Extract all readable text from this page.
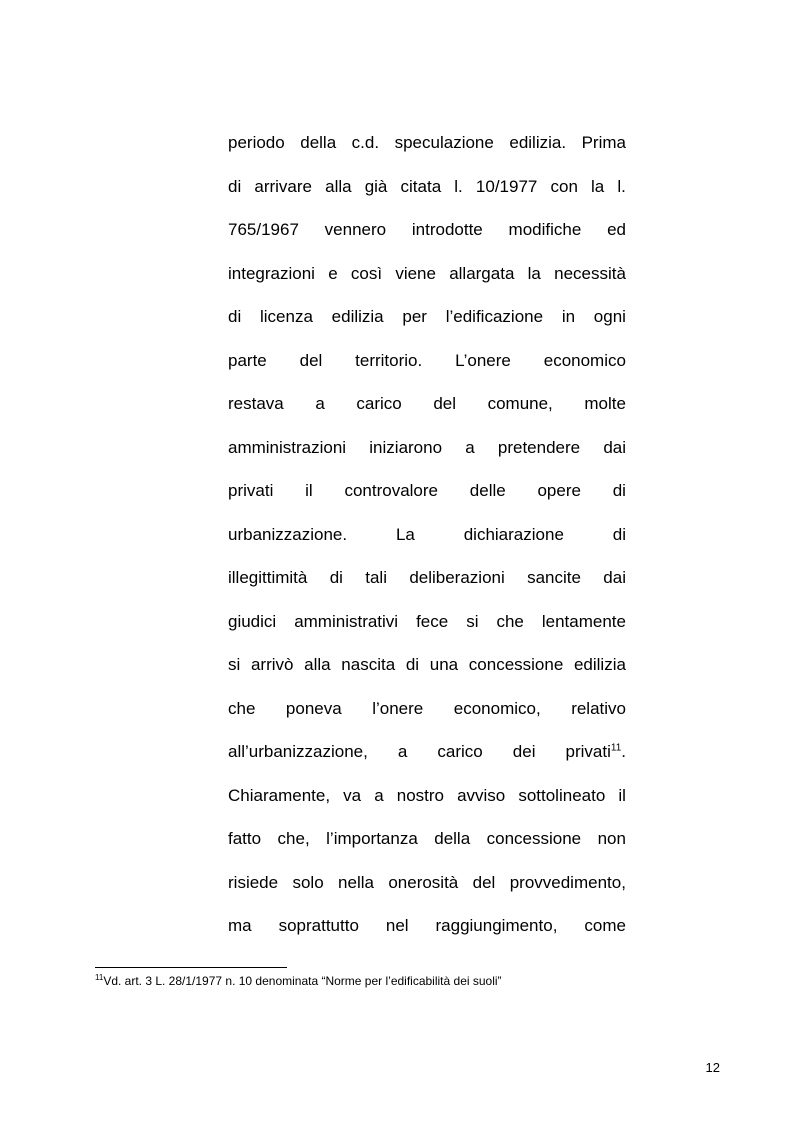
periodo della c.d. speculazione edilizia. Prima
di arrivare alla già citata l. 10/1977 con la l.
765/1967 vennero introdotte modifiche ed
integrazioni e così viene allargata la necessità
di licenza edilizia per l’edificazione in ogni
parte del territorio. L’onere economico
restava a carico del comune, molte
amministrazioni iniziarono a pretendere dai
privati il controvalore delle opere di
urbanizzazione.	La	dichiarazione	di
illegittimità di tali deliberazioni sancite dai
giudici amministrativi fece si che lentamente
si arrivò alla nascita di una concessione edilizia
che poneva l’onere economico, relativo
all’urbanizzazione, a carico dei privati$^{11}$.
Chiaramente, va a nostro avviso sottolineato il
fatto che, l’importanza della concessione non
risiede solo nella onerosità del provvedimento,
ma soprattutto nel raggiungimento, come
$^{11}$Vd. art. 3 L. 28/1/1977 n. 10 denominata “Norme per l’edificabilità dei suoli”
12
